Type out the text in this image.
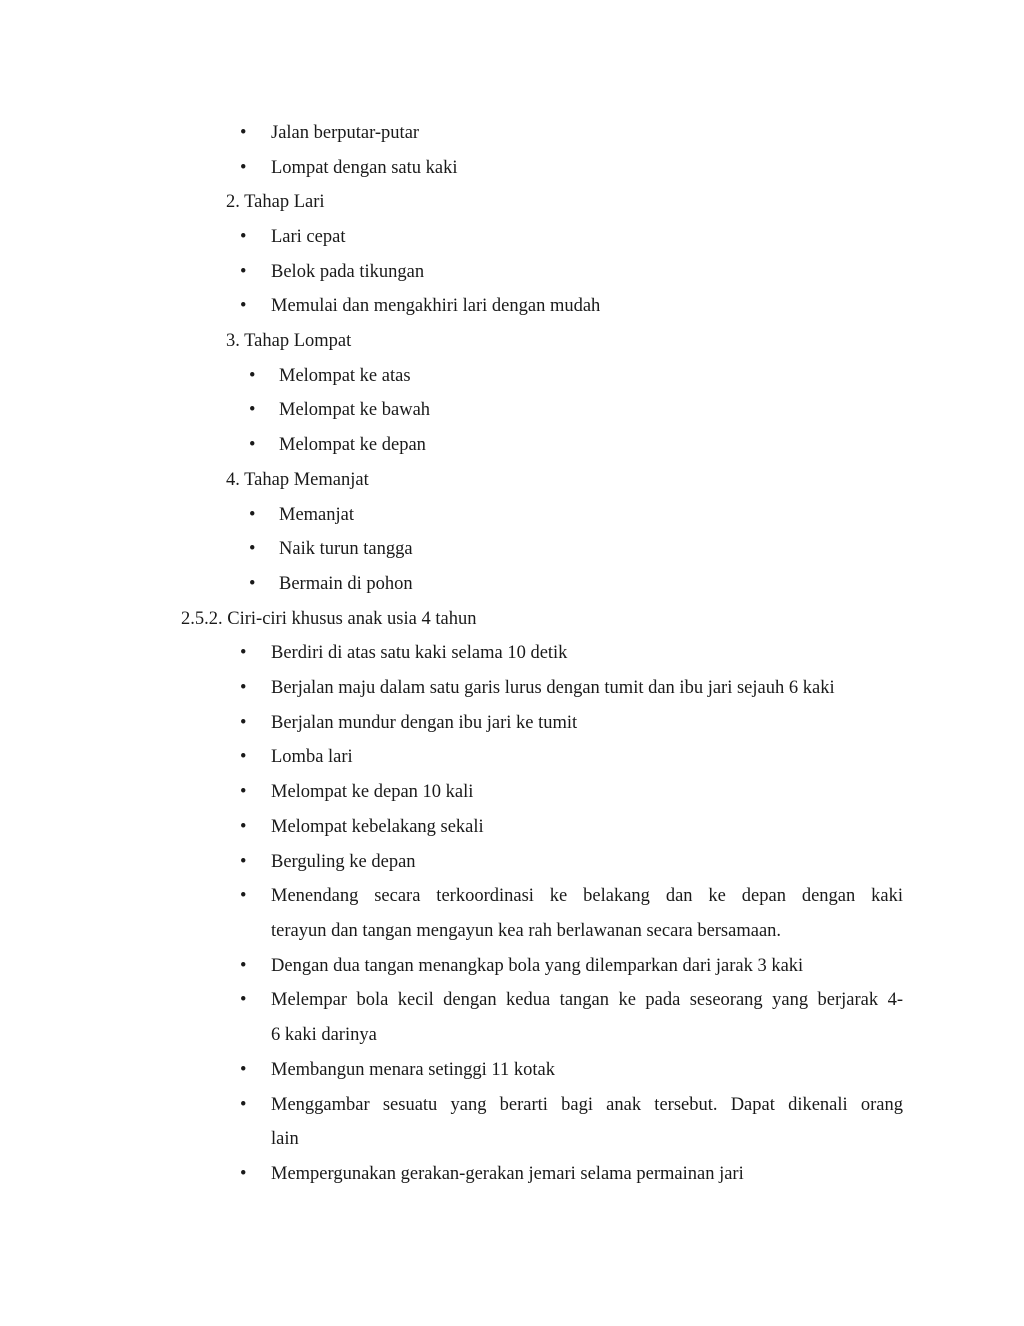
• Jalan berputar-putar
• Lompat dengan satu kaki
2. Tahap Lari
• Lari cepat
• Belok pada tikungan
• Memulai dan mengakhiri lari dengan mudah
3. Tahap Lompat
• Melompat ke atas
• Melompat ke bawah
• Melompat ke depan
4. Tahap Memanjat
• Memanjat
• Naik turun tangga
• Bermain di pohon
2.5.2. Ciri-ciri khusus anak usia 4 tahun
• Berdiri di atas satu kaki selama 10 detik
• Berjalan maju dalam satu garis lurus dengan tumit dan ibu jari sejauh 6 kaki
• Berjalan mundur dengan ibu jari ke tumit
• Lomba lari
• Melompat ke depan 10 kali
• Melompat kebelakang sekali
• Berguling ke depan
• Menendang secara terkoordinasi ke belakang dan ke depan dengan kaki
terayun dan tangan mengayun kea rah berlawanan secara bersamaan.
• Dengan dua tangan menangkap bola yang dilemparkan dari jarak 3 kaki
• Melempar bola kecil dengan kedua tangan ke pada seseorang yang berjarak 4-
6 kaki darinya
• Membangun menara setinggi 11 kotak
• Menggambar sesuatu yang berarti bagi anak tersebut. Dapat dikenali orang
lain
• Mempergunakan gerakan-gerakan jemari selama permainan jari
